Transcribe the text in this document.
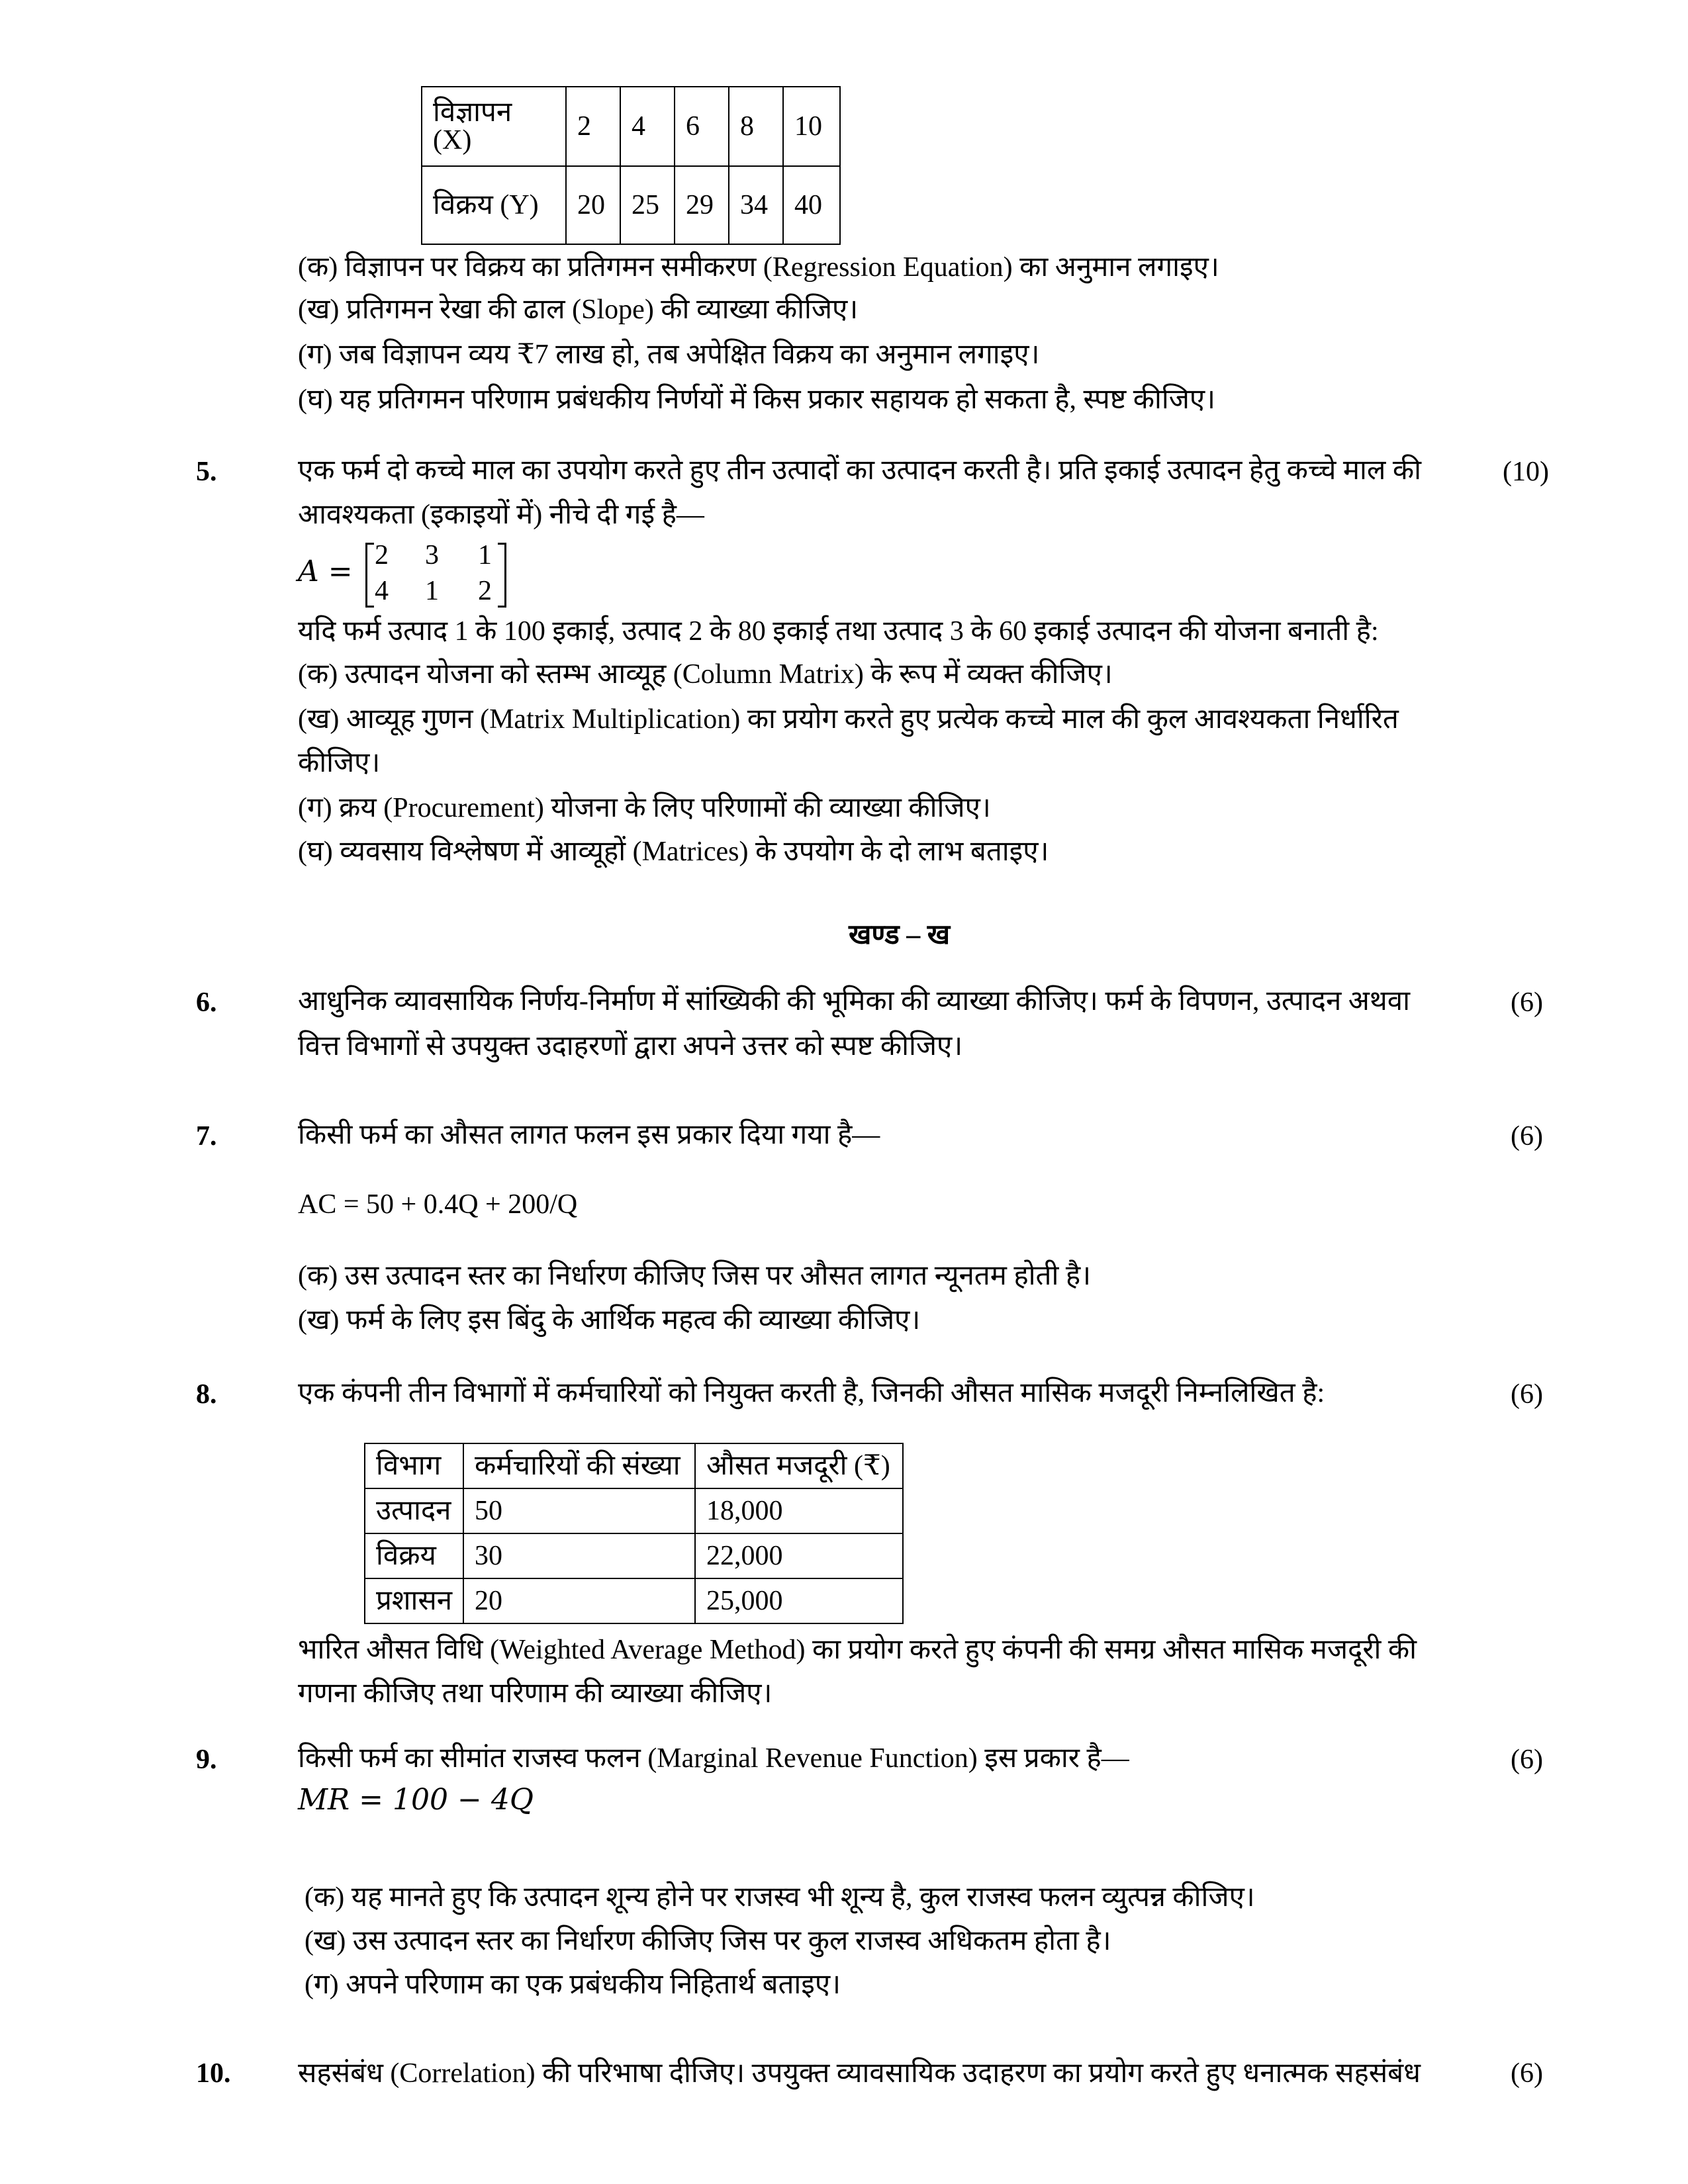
विज्ञापन (X)	2	4	6	8	10
विक्रय (Y)	20	25	29	34	40
(क) विज्ञापन पर विक्रय का प्रतिगमन समीकरण (Regression Equation) का अनुमान लगाइए।
(ख) प्रतिगमन रेखा की ढाल (Slope) की व्याख्या कीजिए।
(ग) जब विज्ञापन व्यय ₹7 लाख हो, तब अपेक्षित विक्रय का अनुमान लगाइए।
(घ) यह प्रतिगमन परिणाम प्रबंधकीय निर्णयों में किस प्रकार सहायक हो सकता है, स्पष्ट कीजिए।
5.	एक फर्म दो कच्चे माल का उपयोग करते हुए तीन उत्पादों का उत्पादन करती है। प्रति इकाई उत्पादन हेतु कच्चे माल की	(10)
आवश्यकता (इकाइयों में) नीचे दी गई है—
A = 2 3 1
4 1 2
यदि फर्म उत्पाद 1 के 100 इकाई, उत्पाद 2 के 80 इकाई तथा उत्पाद 3 के 60 इकाई उत्पादन की योजना बनाती है:
(क) उत्पादन योजना को स्तम्भ आव्यूह (Column Matrix) के रूप में व्यक्त कीजिए।
(ख) आव्यूह गुणन (Matrix Multiplication) का प्रयोग करते हुए प्रत्येक कच्चे माल की कुल आवश्यकता निर्धारित
कीजिए।
(ग) क्रय (Procurement) योजना के लिए परिणामों की व्याख्या कीजिए।
(घ) व्यवसाय विश्लेषण में आव्यूहों (Matrices) के उपयोग के दो लाभ बताइए।
खण्ड – ख
6.	आधुनिक व्यावसायिक निर्णय-निर्माण में सांख्यिकी की भूमिका की व्याख्या कीजिए। फर्म के विपणन, उत्पादन अथवा	(6)
वित्त विभागों से उपयुक्त उदाहरणों द्वारा अपने उत्तर को स्पष्ट कीजिए।
7.	किसी फर्म का औसत लागत फलन इस प्रकार दिया गया है—	(6)
AC = 50 + 0.4Q + 200/Q
(क) उस उत्पादन स्तर का निर्धारण कीजिए जिस पर औसत लागत न्यूनतम होती है।
(ख) फर्म के लिए इस बिंदु के आर्थिक महत्व की व्याख्या कीजिए।
8.	एक कंपनी तीन विभागों में कर्मचारियों को नियुक्त करती है, जिनकी औसत मासिक मजदूरी निम्नलिखित है:	(6)
विभाग	कर्मचारियों की संख्या	औसत मजदूरी (₹)
उत्पादन	50	18,000
विक्रय	30	22,000
प्रशासन	20	25,000
भारित औसत विधि (Weighted Average Method) का प्रयोग करते हुए कंपनी की समग्र औसत मासिक मजदूरी की
गणना कीजिए तथा परिणाम की व्याख्या कीजिए।
9.	किसी फर्म का सीमांत राजस्व फलन (Marginal Revenue Function) इस प्रकार है—	(6)
MR = 100 − 4Q
(क) यह मानते हुए कि उत्पादन शून्य होने पर राजस्व भी शून्य है, कुल राजस्व फलन व्युत्पन्न कीजिए।
(ख) उस उत्पादन स्तर का निर्धारण कीजिए जिस पर कुल राजस्व अधिकतम होता है।
(ग) अपने परिणाम का एक प्रबंधकीय निहितार्थ बताइए।
10. सहसंबंध (Correlation) की परिभाषा दीजिए। उपयुक्त व्यावसायिक उदाहरण का प्रयोग करते हुए धनात्मक सहसंबंध	(6)
